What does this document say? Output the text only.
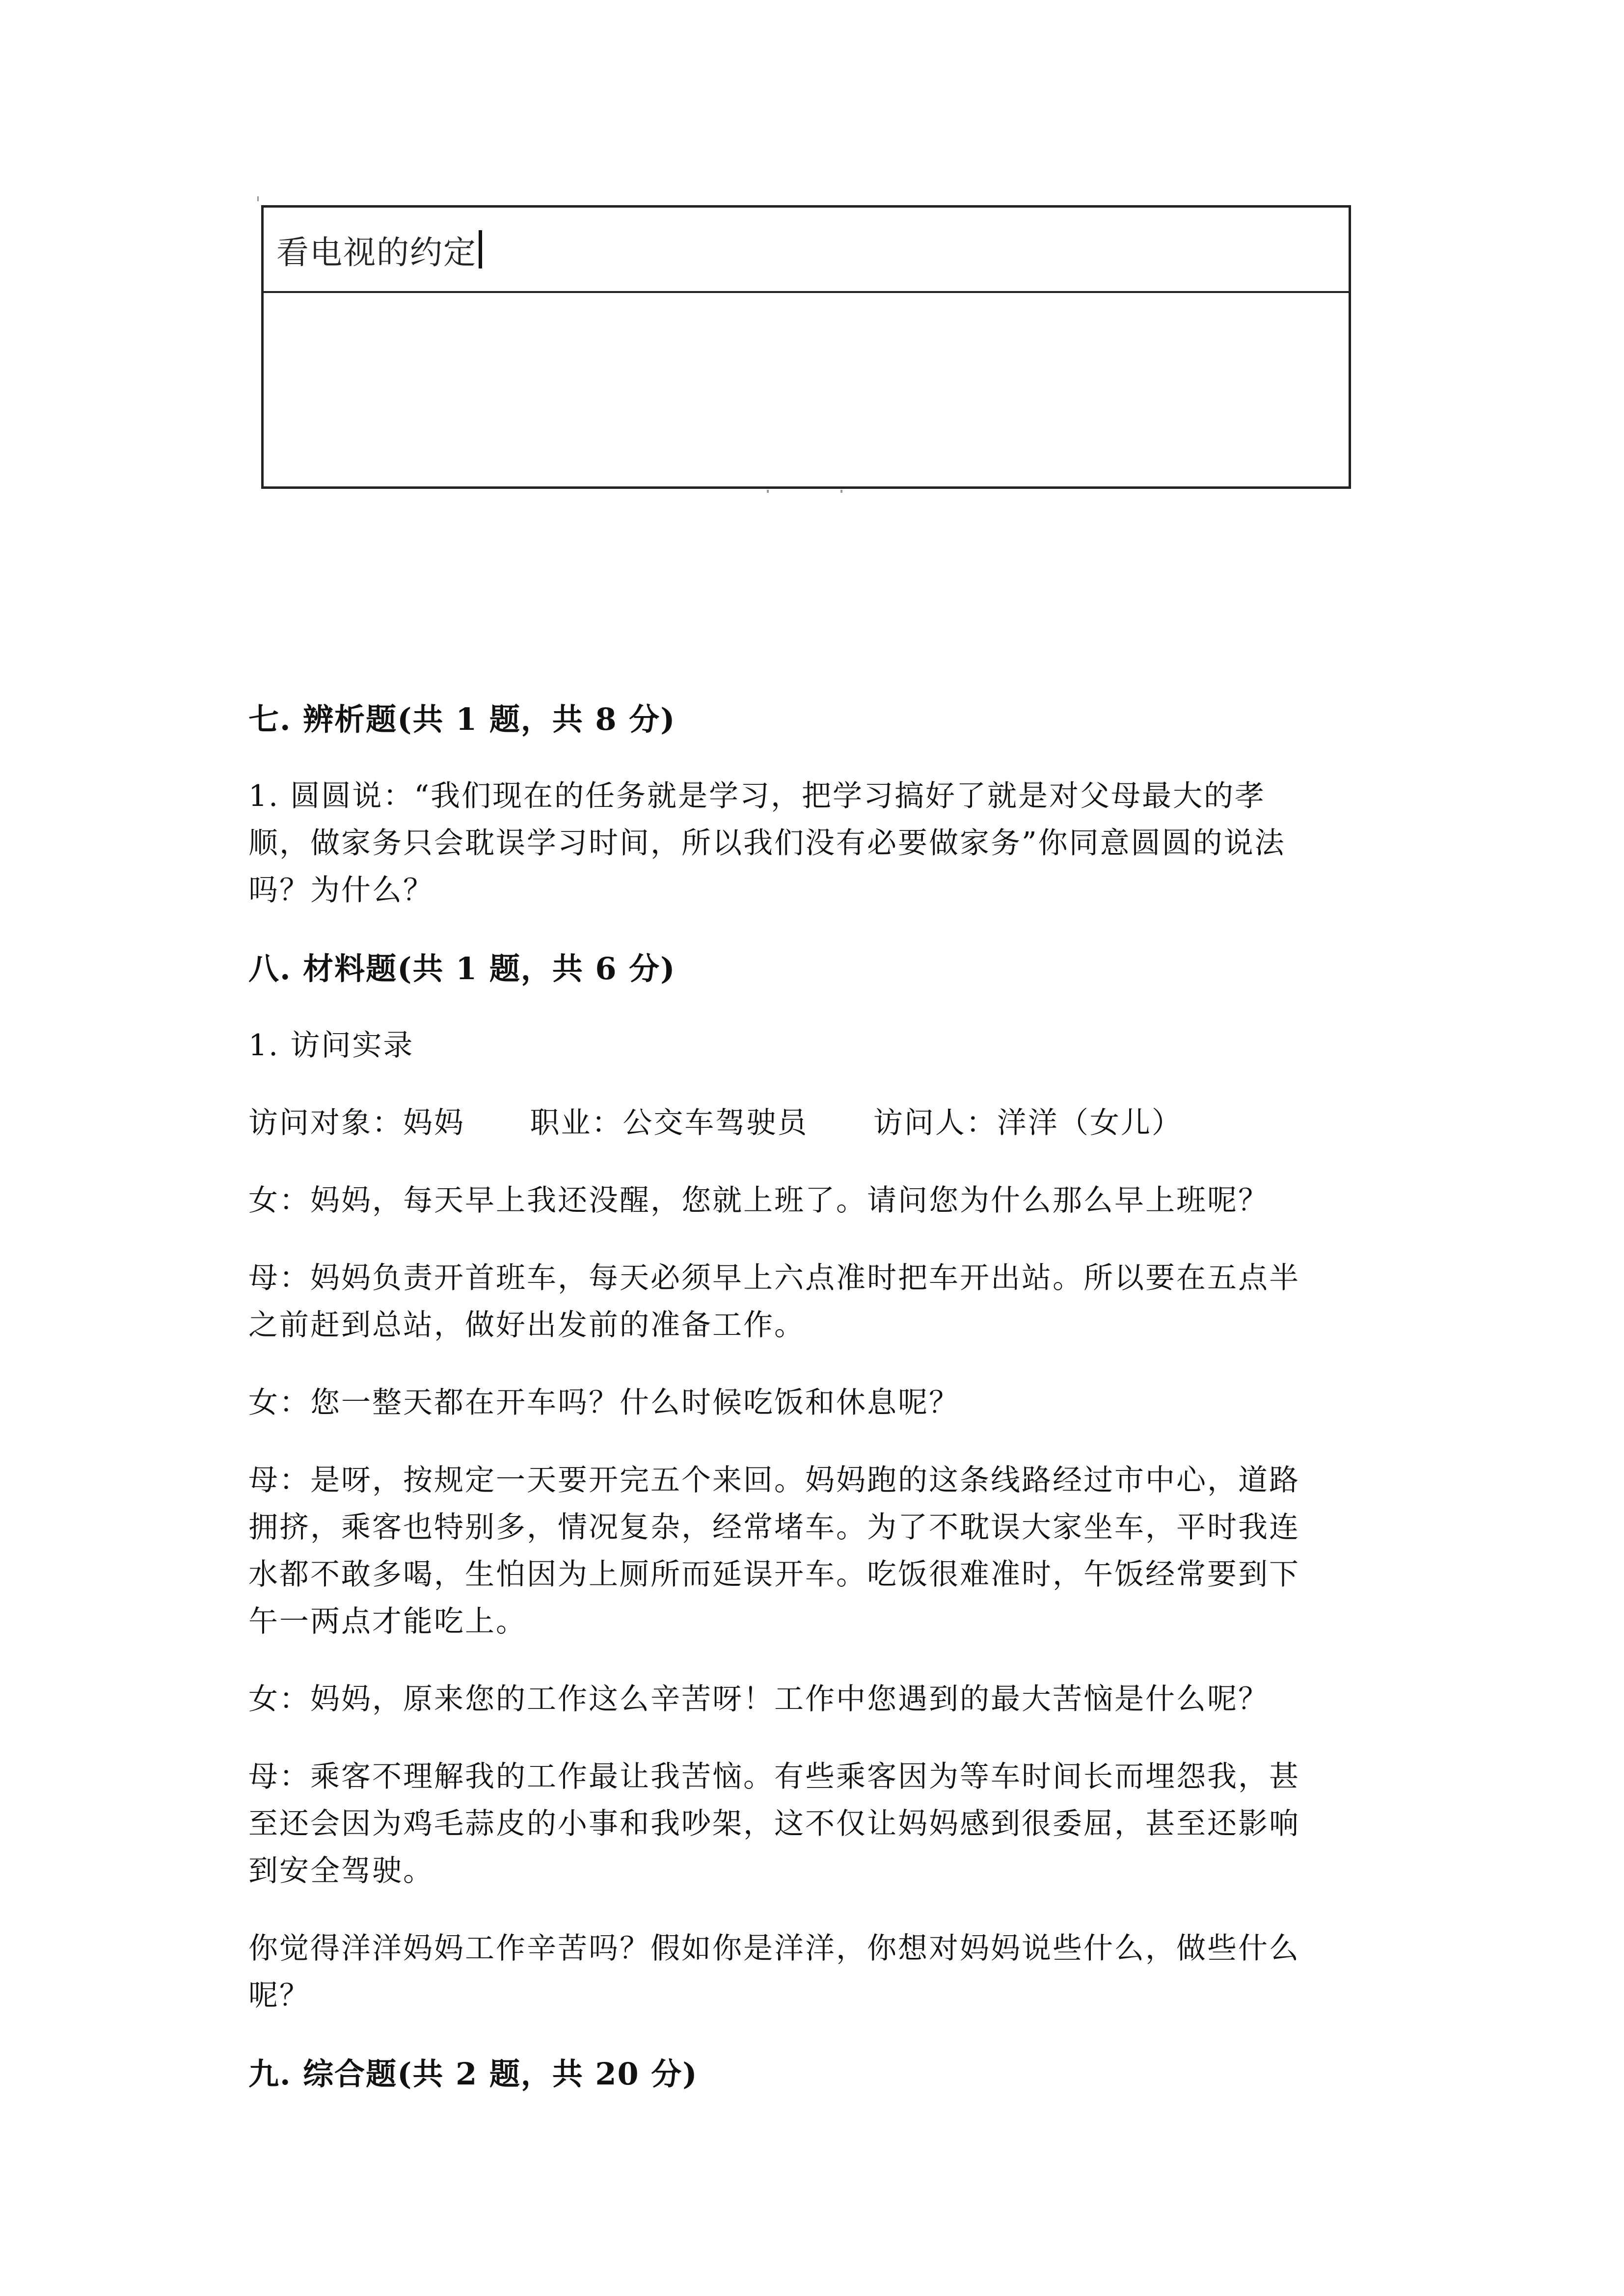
看电视的约定

七. 辨析题(共 1 题，共 8 分)

1. 圆圆说：“我们现在的任务就是学习，把学习搞好了就是对父母最大的孝
顺，做家务只会耽误学习时间，所以我们没有必要做家务”你同意圆圆的说法
吗？为什么？

八. 材料题(共 1 题，共 6 分)

1. 访问实录

访问对象：妈妈 职业：公交车驾驶员 访问人：洋洋（女儿）

女：妈妈，每天早上我还没醒，您就上班了。请问您为什么那么早上班呢？

母：妈妈负责开首班车，每天必须早上六点准时把车开出站。所以要在五点半
之前赶到总站，做好出发前的准备工作。

女：您一整天都在开车吗？什么时候吃饭和休息呢？

母：是呀，按规定一天要开完五个来回。妈妈跑的这条线路经过市中心，道路
拥挤，乘客也特别多，情况复杂，经常堵车。为了不耽误大家坐车，平时我连
水都不敢多喝，生怕因为上厕所而延误开车。吃饭很难准时，午饭经常要到下
午一两点才能吃上。

女：妈妈，原来您的工作这么辛苦呀！工作中您遇到的最大苦恼是什么呢？

母：乘客不理解我的工作最让我苦恼。有些乘客因为等车时间长而埋怨我，甚
至还会因为鸡毛蒜皮的小事和我吵架，这不仅让妈妈感到很委屈，甚至还影响
到安全驾驶。

你觉得洋洋妈妈工作辛苦吗？假如你是洋洋，你想对妈妈说些什么，做些什么
呢？

九. 综合题(共 2 题，共 20 分)
